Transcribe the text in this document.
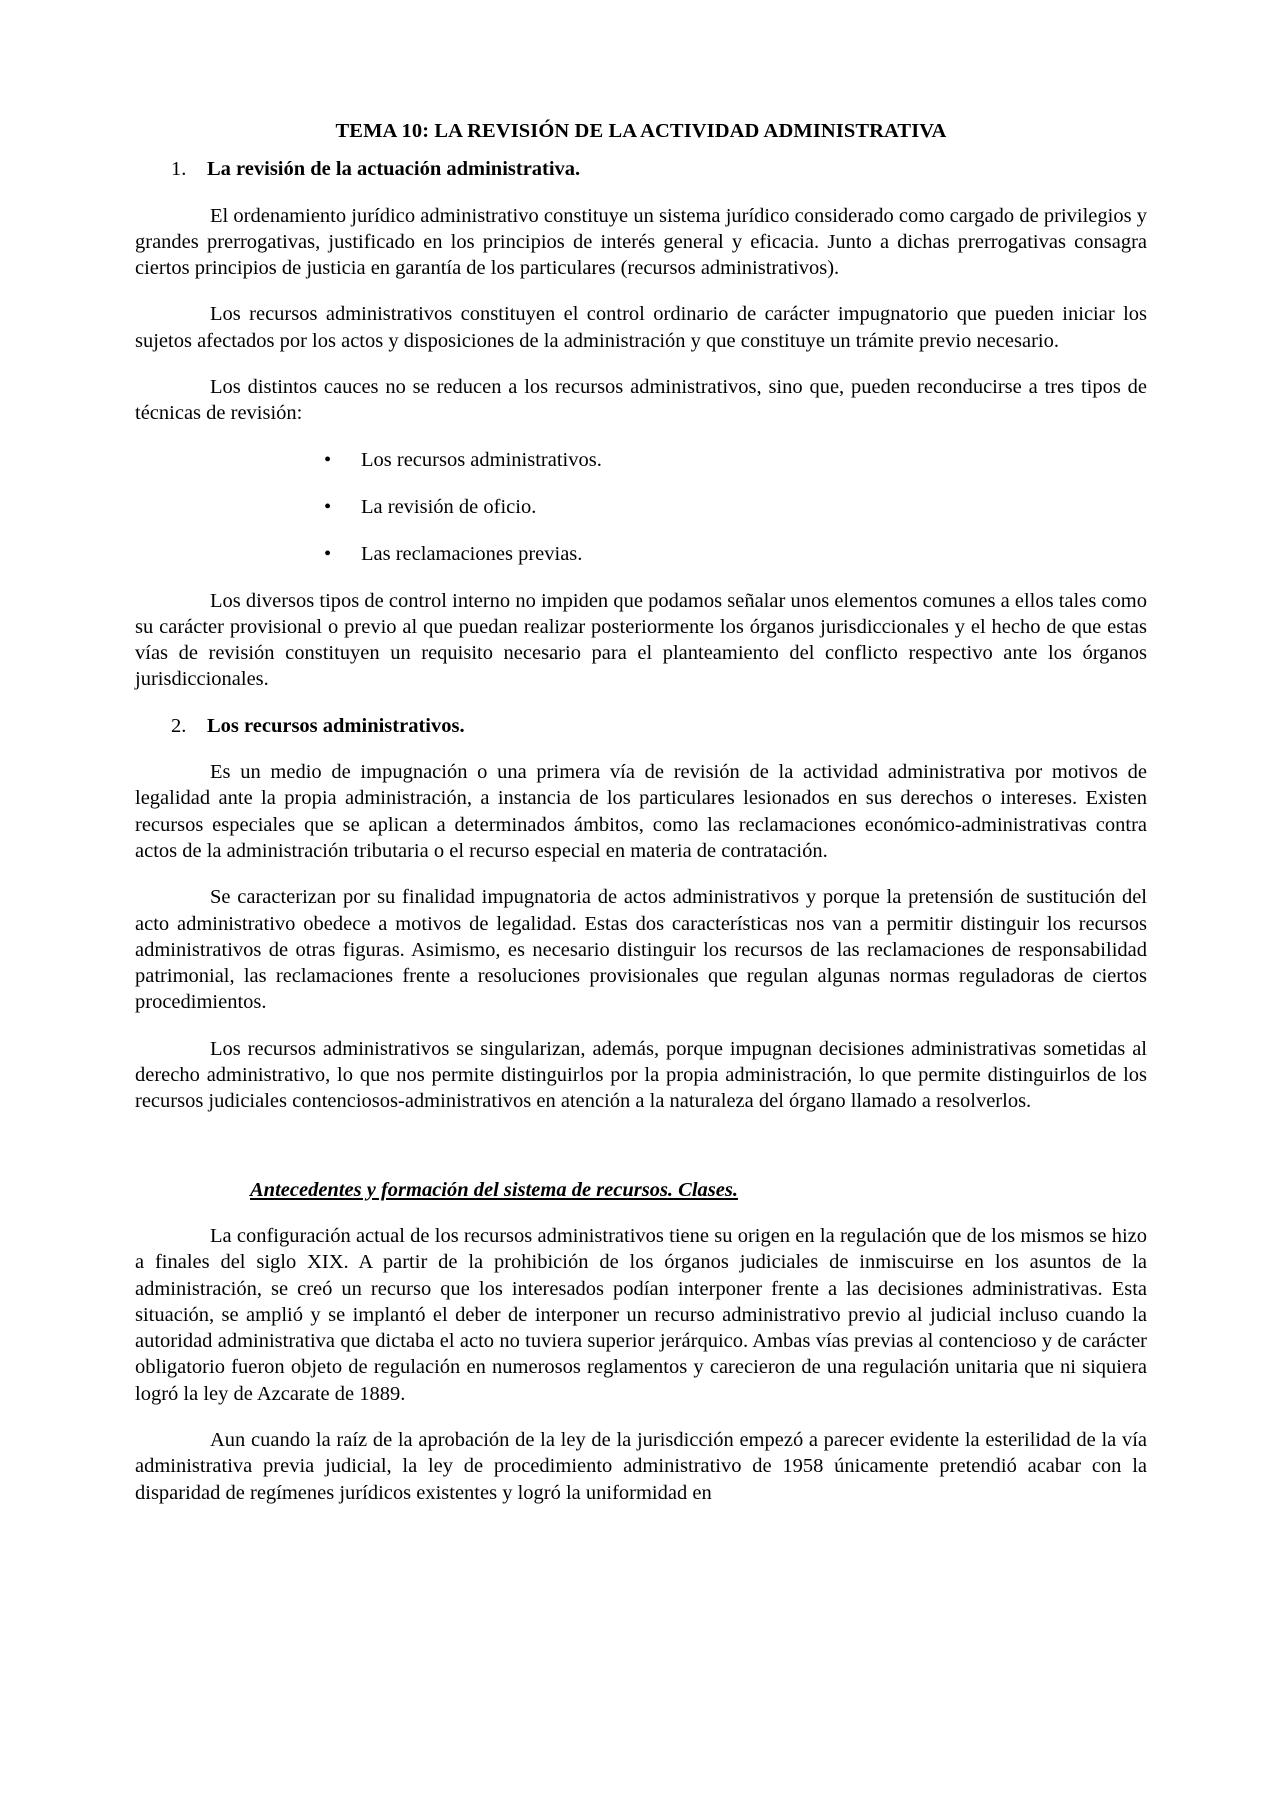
TEMA 10: LA REVISIÓN DE LA ACTIVIDAD ADMINISTRATIVA
1.	La revisión de la actuación administrativa.

El ordenamiento jurídico administrativo constituye un sistema jurídico considerado como cargado de privilegios y grandes prerrogativas, justificado en los principios de interés general y eficacia. Junto a dichas prerrogativas consagra ciertos principios de justicia en garantía de los particulares (recursos administrativos).

Los recursos administrativos constituyen el control ordinario de carácter impugnatorio que pueden iniciar los sujetos afectados por los actos y disposiciones de la administración y que constituye un trámite previo necesario.

Los distintos cauces no se reducen a los recursos administrativos, sino que, pueden reconducirse a tres tipos de técnicas de revisión:

•	Los recursos administrativos.
•	La revisión de oficio.
•	Las reclamaciones previas.

Los diversos tipos de control interno no impiden que podamos señalar unos elementos comunes a ellos tales como su carácter provisional o previo al que puedan realizar posteriormente los órganos jurisdiccionales y el hecho de que estas vías de revisión constituyen un requisito necesario para el planteamiento del conflicto respectivo ante los órganos jurisdiccionales.

2.	Los recursos administrativos.

Es un medio de impugnación o una primera vía de revisión de la actividad administrativa por motivos de legalidad ante la propia administración, a instancia de los particulares lesionados en sus derechos o intereses. Existen recursos especiales que se aplican a determinados ámbitos, como las reclamaciones económico-administrativas contra actos de la administración tributaria o el recurso especial en materia de contratación.

Se caracterizan por su finalidad impugnatoria de actos administrativos y porque la pretensión de sustitución del acto administrativo obedece a motivos de legalidad. Estas dos características nos van a permitir distinguir los recursos administrativos de otras figuras. Asimismo, es necesario distinguir los recursos de las reclamaciones de responsabilidad patrimonial, las reclamaciones frente a resoluciones provisionales que regulan algunas normas reguladoras de ciertos procedimientos.

Los recursos administrativos se singularizan, además, porque impugnan decisiones administrativas sometidas al derecho administrativo, lo que nos permite distinguirlos por la propia administración, lo que permite distinguirlos de los recursos judiciales contenciosos-administrativos en atención a la naturaleza del órgano llamado a resolverlos.

Antecedentes y formación del sistema de recursos. Clases.

La configuración actual de los recursos administrativos tiene su origen en la regulación que de los mismos se hizo a finales del siglo XIX. A partir de la prohibición de los órganos judiciales de inmiscuirse en los asuntos de la administración, se creó un recurso que los interesados podían interponer frente a las decisiones administrativas. Esta situación, se amplió y se implantó el deber de interponer un recurso administrativo previo al judicial incluso cuando la autoridad administrativa que dictaba el acto no tuviera superior jerárquico. Ambas vías previas al contencioso y de carácter obligatorio fueron objeto de regulación en numerosos reglamentos y carecieron de una regulación unitaria que ni siquiera logró la ley de Azcarate de 1889.

Aun cuando la raíz de la aprobación de la ley de la jurisdicción empezó a parecer evidente la esterilidad de la vía administrativa previa judicial, la ley de procedimiento administrativo de 1958 únicamente pretendió acabar con la disparidad de regímenes jurídicos existentes y logró la uniformidad en
